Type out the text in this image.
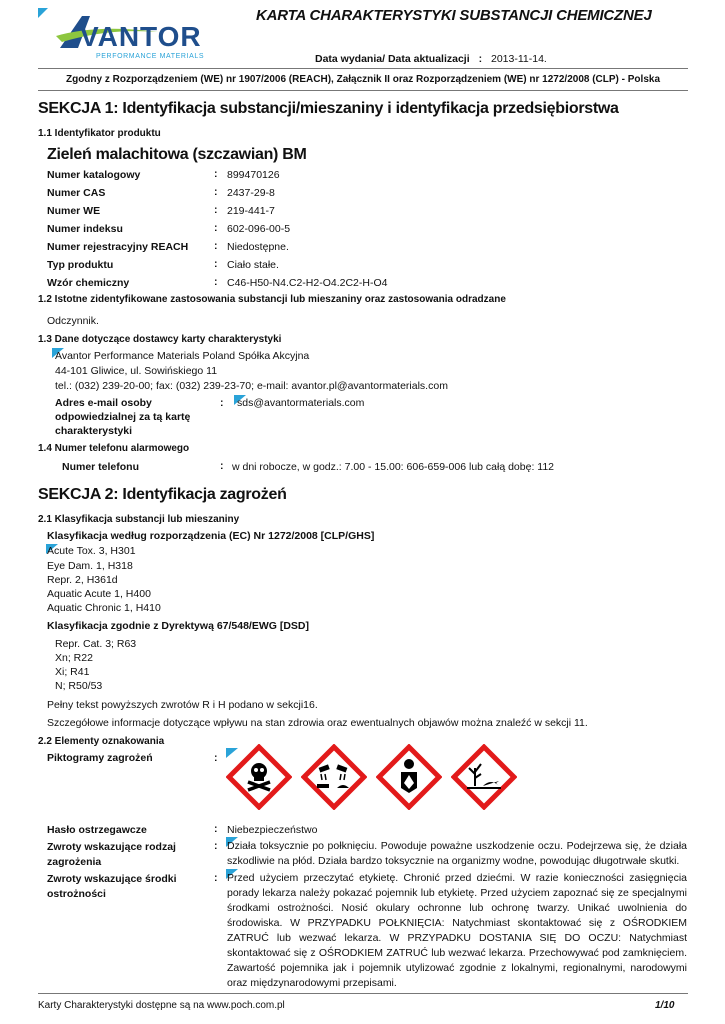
VANTOR
PERFORMANCE MATERIALS
KARTA CHARAKTERYSTYKI SUBSTANCJI CHEMICZNEJ
Data wydania/ Data aktualizacji : 2013-11-14.
Zgodny z Rozporządzeniem (WE) nr 1907/2006 (REACH), Załącznik II oraz Rozporządzeniem (WE) nr 1272/2008 (CLP) - Polska
SEKCJA 1: Identyfikacja substancji/mieszaniny i identyfikacja przedsiębiorstwa
1.1 Identyfikator produktu
Zieleń malachitowa (szczawian) BM
Numer katalogowy	: 899470126
Numer CAS	: 2437-29-8
Numer WE	: 219-441-7
Numer indeksu	: 602-096-00-5
Numer rejestracyjny REACH : Niedostępne.
Typ produktu	: Ciało stałe.
Wzór chemiczny	: C46-H50-N4.C2-H2-O4.2C2-H-O4
1.2 Istotne zidentyfikowane zastosowania substancji lub mieszaniny oraz zastosowania odradzane
Odczynnik.
1.3 Dane dotyczące dostawcy karty charakterystyki
Avantor Performance Materials Poland Spółka Akcyjna
44-101 Gliwice, ul. Sowińskiego 11
tel.: (032) 239-20-00; fax: (032) 239-23-70; e-mail: avantor.pl@avantormaterials.com
Adres e-mail osoby
odpowiedzialnej za tą kartę
charakterystyki
: sds@avantormaterials.com
1.4 Numer telefonu alarmowego
Numer telefonu	: w dni robocze, w godz.: 7.00 - 15.00: 606-659-006 lub całą dobę: 112
SEKCJA 2: Identyfikacja zagrożeń
2.1 Klasyfikacja substancji lub mieszaniny
Klasyfikacja według rozporządzenia (EC) Nr 1272/2008 [CLP/GHS]
Acute Tox. 3, H301
Eye Dam. 1, H318
Repr. 2, H361d
Aquatic Acute 1, H400
Aquatic Chronic 1, H410
Klasyfikacja zgodnie z Dyrektywą 67/548/EWG [DSD]
Repr. Cat. 3; R63
Xn; R22
Xi; R41
N; R50/53
Pełny tekst powyższych zwrotów R i H podano w sekcji16.
Szczegółowe informacje dotyczące wpływu na stan zdrowia oraz ewentualnych objawów można znaleźć w sekcji 11.
2.2 Elementy oznakowania
Piktogramy zagrożeń	:
Hasło ostrzegawcze	: Niebezpieczeństwo
Zwroty wskazujące rodzaj
zagrożenia
: Działa toksycznie po połknięciu. Powoduje poważne uszkodzenie oczu. Podejrzewa się, że działa szkodliwie na płód. Działa bardzo toksycznie na organizmy wodne, powodując długotrwałe skutki.
Zwroty wskazujące środki
ostrożności
: Przed użyciem przeczytać etykietę. Chronić przed dziećmi. W razie konieczności zasięgnięcia porady lekarza należy pokazać pojemnik lub etykietę. Przed użyciem zapoznać się ze specjalnymi środkami ostrożności. Nosić okulary ochronne lub ochronę twarzy. Unikać uwolnienia do środowiska. W PRZYPADKU POŁKNIĘCIA: Natychmiast skontaktować się z OŚRODKIEM ZATRUĆ lub wezwać lekarza. W PRZYPADKU DOSTANIA SIĘ DO OCZU: Natychmiast skontaktować się z OŚRODKIEM ZATRUĆ lub wezwać lekarza. Przechowywać pod zamknięciem. Zawartość pojemnika jak i pojemnik utylizować zgodnie z lokalnymi, regionalnymi, narodowymi oraz międzynarodowymi przepisami.
Karty Charakterystyki dostępne są na www.poch.com.pl	1/10
